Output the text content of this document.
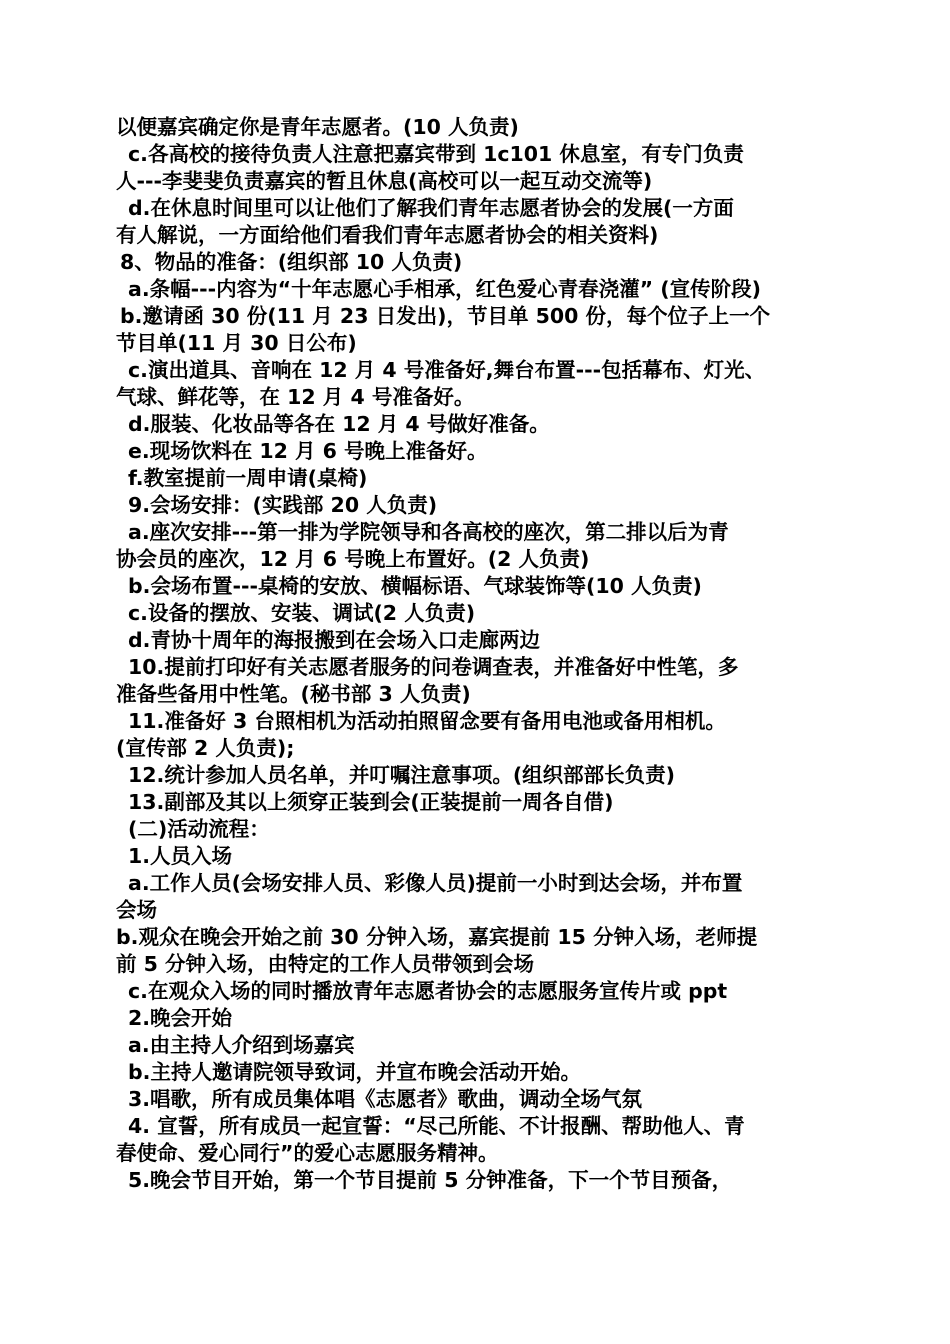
以便嘉宾确定你是青年志愿者。(10 人负责)
c.各高校的接待负责人注意把嘉宾带到 1c101 休息室，有专门负责
人---李斐斐负责嘉宾的暂且休息(高校可以一起互动交流等)
d.在休息时间里可以让他们了解我们青年志愿者协会的发展(一方面
有人解说，一方面给他们看我们青年志愿者协会的相关资料)
8、物品的准备：(组织部 10 人负责)
a.条幅---内容为“十年志愿心手相承，红色爱心青春浇灌” (宣传阶段)
b.邀请函 30 份(11 月 23 日发出)，节目单 500 份，每个位子上一个
节目单(11 月 30 日公布)
c.演出道具、音响在 12 月 4 号准备好,舞台布置---包括幕布、灯光、
气球、鲜花等，在 12 月 4 号准备好。
d.服装、化妆品等各在 12 月 4 号做好准备。
e.现场饮料在 12 月 6 号晚上准备好。
f.教室提前一周申请(桌椅)
9.会场安排：(实践部 20 人负责)
a.座次安排---第一排为学院领导和各高校的座次，第二排以后为青
协会员的座次，12 月 6 号晚上布置好。(2 人负责)
b.会场布置---桌椅的安放、横幅标语、气球装饰等(10 人负责)
c.设备的摆放、安装、调试(2 人负责)
d.青协十周年的海报搬到在会场入口走廊两边
10.提前打印好有关志愿者服务的问卷调查表，并准备好中性笔，多
准备些备用中性笔。(秘书部 3 人负责)
11.准备好 3 台照相机为活动拍照留念要有备用电池或备用相机。
(宣传部 2 人负责);
12.统计参加人员名单，并叮嘱注意事项。(组织部部长负责)
13.副部及其以上须穿正装到会(正装提前一周各自借)
(二)活动流程：
1.人员入场
a.工作人员(会场安排人员、彩像人员)提前一小时到达会场，并布置
会场
b.观众在晚会开始之前 30 分钟入场，嘉宾提前 15 分钟入场，老师提
前 5 分钟入场，由特定的工作人员带领到会场
c.在观众入场的同时播放青年志愿者协会的志愿服务宣传片或 ppt
2.晚会开始
a.由主持人介绍到场嘉宾
b.主持人邀请院领导致词，并宣布晚会活动开始。
3.唱歌，所有成员集体唱《志愿者》歌曲，调动全场气氛
4. 宣誓，所有成员一起宣誓：“尽己所能、不计报酬、帮助他人、青
春使命、爱心同行”的爱心志愿服务精神。
5.晚会节目开始，第一个节目提前 5 分钟准备，下一个节目预备，
